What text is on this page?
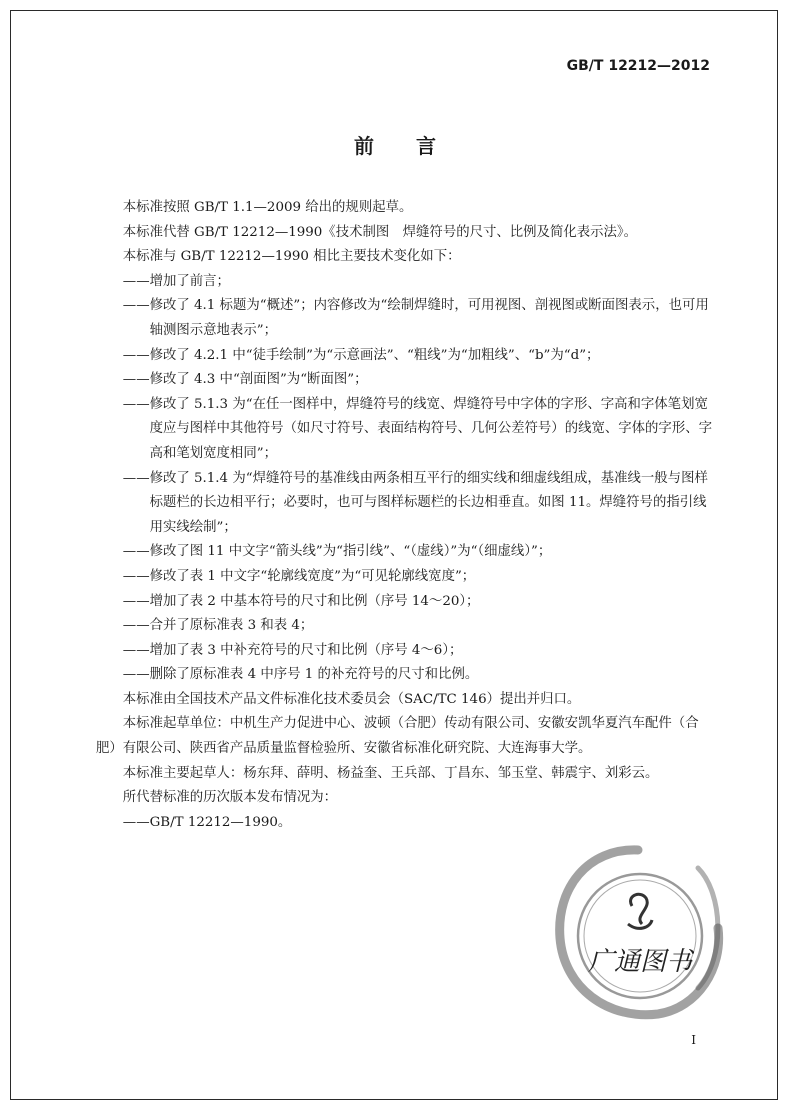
GB/T 12212—2012
前言

本标准按照 GB/T 1.1—2009 给出的规则起草。

本标准代替 GB/T 12212—1990《技术制图　焊缝符号的尺寸、比例及简化表示法》。

本标准与 GB/T 12212—1990 相比主要技术变化如下：

——增加了前言；

——修改了 4.1 标题为“概述”；内容修改为“绘制焊缝时，可用视图、剖视图或断面图表示，也可用轴测图示意地表示”；

——修改了 4.2.1 中“徒手绘制”为“示意画法”、“粗线”为“加粗线”、“b”为“d”；

——修改了 4.3 中“剖面图”为“断面图”；

——修改了 5.1.3 为“在任一图样中，焊缝符号的线宽、焊缝符号中字体的字形、字高和字体笔划宽度应与图样中其他符号（如尺寸符号、表面结构符号、几何公差符号）的线宽、字体的字形、字高和笔划宽度相同”；

——修改了 5.1.4 为“焊缝符号的基准线由两条相互平行的细实线和细虚线组成，基准线一般与图样标题栏的长边相平行；必要时，也可与图样标题栏的长边相垂直。如图 11。焊缝符号的指引线用实线绘制”；

——修改了图 11 中文字“箭头线”为“指引线”、“（虚线）”为“（细虚线）”；

——修改了表 1 中文字“轮廓线宽度”为“可见轮廓线宽度”；

——增加了表 2 中基本符号的尺寸和比例（序号 14～20）；

——合并了原标准表 3 和表 4；

——增加了表 3 中补充符号的尺寸和比例（序号 4～6）；

——删除了原标准表 4 中序号 1 的补充符号的尺寸和比例。

本标准由全国技术产品文件标准化技术委员会（SAC/TC 146）提出并归口。

本标准起草单位：中机生产力促进中心、波顿（合肥）传动有限公司、安徽安凯华夏汽车配件（合肥）有限公司、陕西省产品质量监督检验所、安徽省标准化研究院、大连海事大学。

本标准主要起草人：杨东拜、薛明、杨益奎、王兵部、丁昌东、邹玉堂、韩震宇、刘彩云。

所代替标准的历次版本发布情况为：

——GB/T 12212—1990。

广通图书
I
